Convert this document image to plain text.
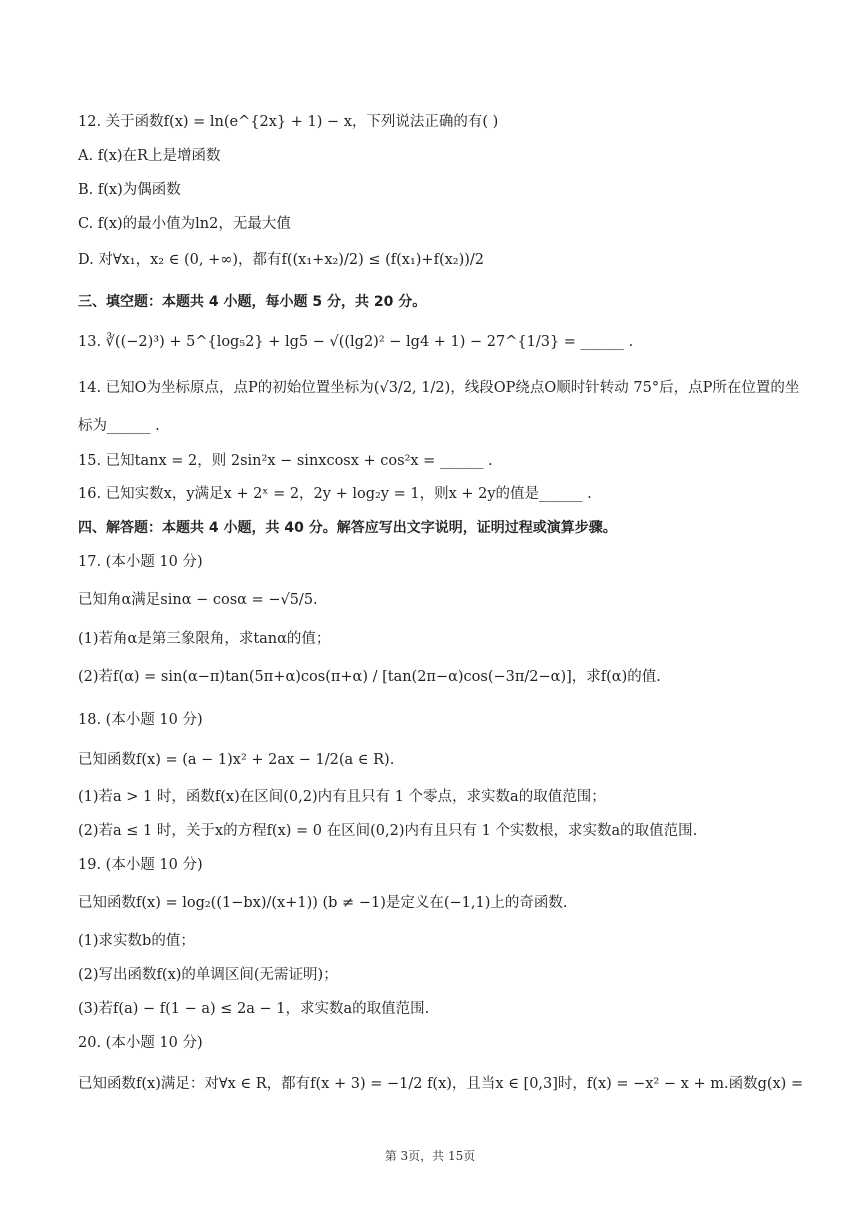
12. 关于函数f(x) = ln(e^{2x} + 1) − x，下列说法正确的有( )
A. f(x)在R上是增函数
B. f(x)为偶函数
C. f(x)的最小值为ln2，无最大值
D. 对∀x₁，x₂ ∈ (0, +∞)，都有f((x₁+x₂)/2) ≤ (f(x₁)+f(x₂))/2
三、填空题：本题共 4 小题，每小题 5 分，共 20 分。
13. ∛((−2)³) + 5^{log₅2} + lg5 − √((lg2)² − lg4 + 1) − 27^{1/3} = ______ .
14. 已知O为坐标原点，点P的初始位置坐标为(√3/2, 1/2)，线段OP绕点O顺时针转动 75°后，点P所在位置的坐
标为______ .
15. 已知tanx = 2，则 2sin²x − sinxcosx + cos²x = ______ .
16. 已知实数x，y满足x + 2ˣ = 2，2y + log₂y = 1，则x + 2y的值是______ .
四、解答题：本题共 4 小题，共 40 分。解答应写出文字说明，证明过程或演算步骤。
17. (本小题 10 分)
已知角α满足sinα − cosα = −√5/5.
(1)若角α是第三象限角，求tanα的值；
(2)若f(α) = sin(α−π)tan(5π+α)cos(π+α) / [tan(2π−α)cos(−3π/2−α)]，求f(α)的值.
18. (本小题 10 分)
已知函数f(x) = (a − 1)x² + 2ax − 1/2(a ∈ R).
(1)若a > 1 时，函数f(x)在区间(0,2)内有且只有 1 个零点，求实数a的取值范围；
(2)若a ≤ 1 时，关于x的方程f(x) = 0 在区间(0,2)内有且只有 1 个实数根，求实数a的取值范围.
19. (本小题 10 分)
已知函数f(x) = log₂((1−bx)/(x+1)) (b ≠ −1)是定义在(−1,1)上的奇函数.
(1)求实数b的值；
(2)写出函数f(x)的单调区间(无需证明)；
(3)若f(a) − f(1 − a) ≤ 2a − 1，求实数a的取值范围.
20. (本小题 10 分)
已知函数f(x)满足：对∀x ∈ R，都有f(x + 3) = −1/2 f(x)，且当x ∈ [0,3]时，f(x) = −x² − x + m.函数g(x) =
第 3页，共 15页
